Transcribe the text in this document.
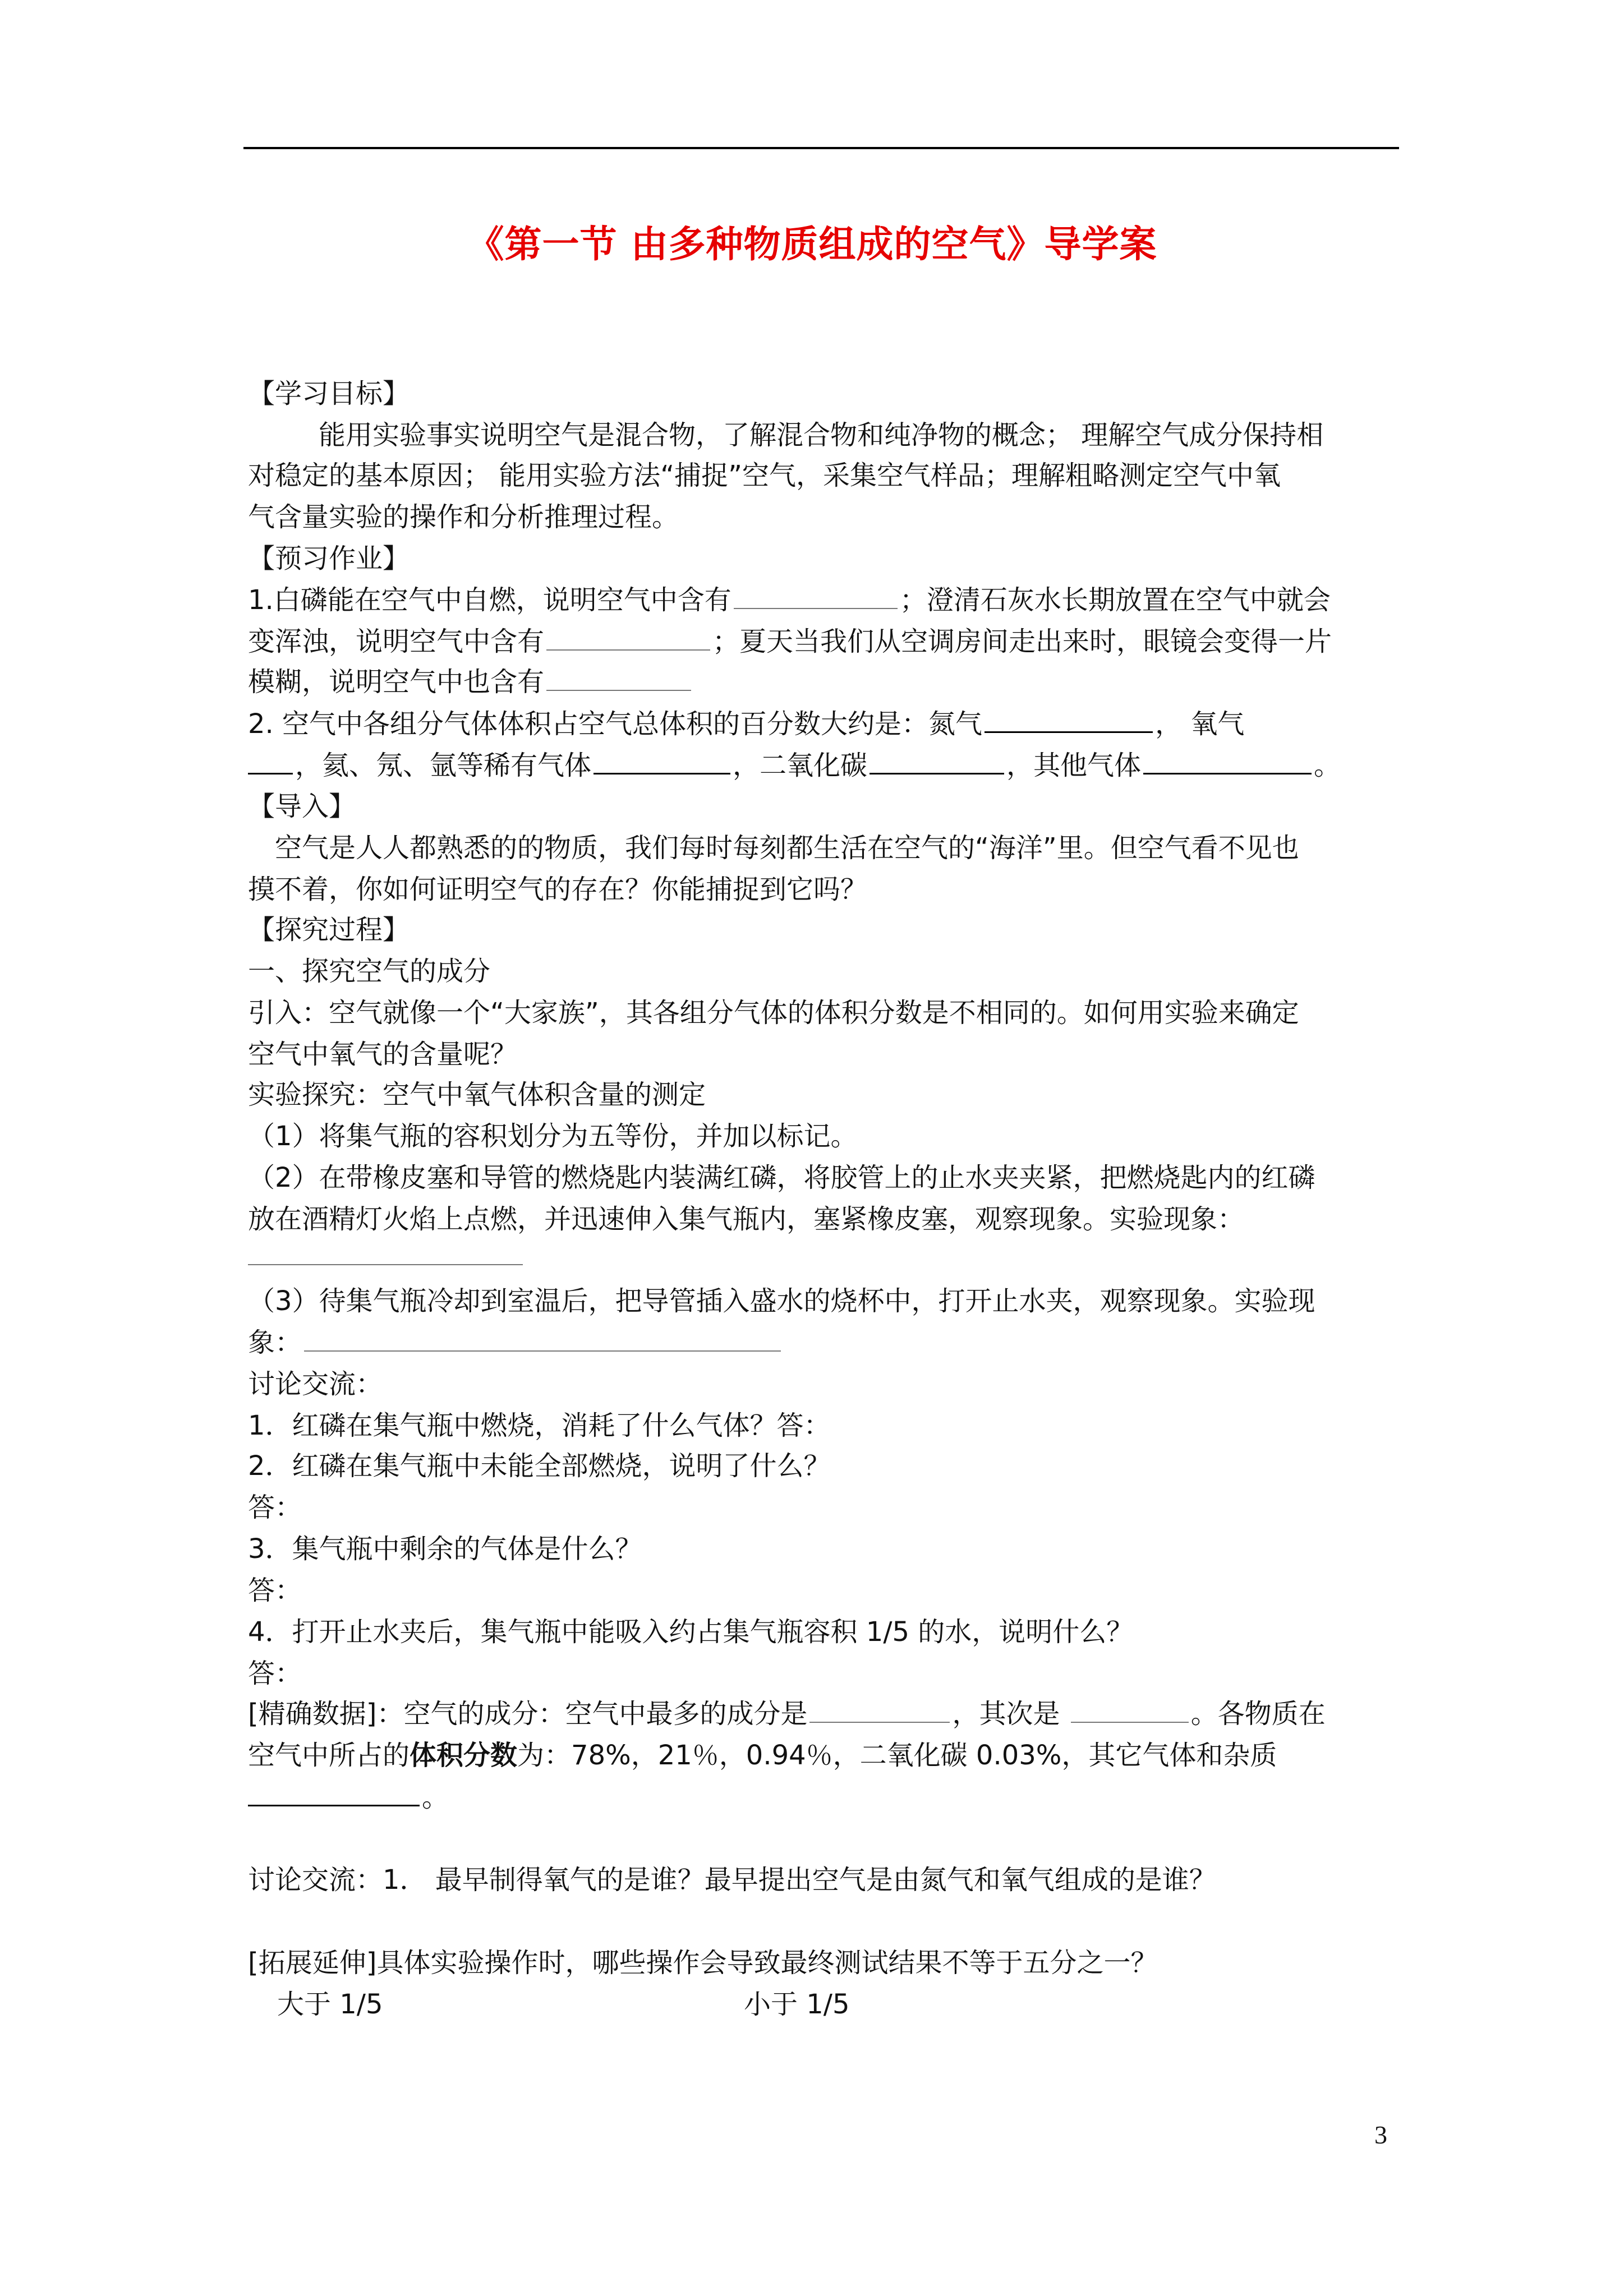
《第一节 由多种物质组成的空气》导学案
【学习目标】
能用实验事实说明空气是混合物，了解混合物和纯净物的概念； 理解空气成分保持相
对稳定的基本原因； 能用实验方法“捕捉”空气，采集空气样品；理解粗略测定空气中氧
气含量实验的操作和分析推理过程。
【预习作业】
1.白磷能在空气中自燃，说明空气中含有	；澄清石灰水长期放置在空气中就会
变浑浊，说明空气中含有	；夏天当我们从空调房间走出来时，眼镜会变得一片
模糊，说明空气中也含有
2. 空气中各组分气体体积占空气总体积的百分数大约是：氮气	， 氧气
，氦、氖、氩等稀有气体	，二氧化碳	，其他气体	。
【导入】
空气是人人都熟悉的的物质，我们每时每刻都生活在空气的“海洋”里。但空气看不见也
摸不着，你如何证明空气的存在？你能捕捉到它吗？
【探究过程】
一、探究空气的成分
引入：空气就像一个“大家族”，其各组分气体的体积分数是不相同的。如何用实验来确定
空气中氧气的含量呢？
实验探究：空气中氧气体积含量的测定
（1）将集气瓶的容积划分为五等份，并加以标记。
（2）在带橡皮塞和导管的燃烧匙内装满红磷，将胶管上的止水夹夹紧，把燃烧匙内的红磷
放在酒精灯火焰上点燃，并迅速伸入集气瓶内，塞紧橡皮塞，观察现象。实验现象：
（3）待集气瓶冷却到室温后，把导管插入盛水的烧杯中，打开止水夹，观察现象。实验现
象：
讨论交流：
1．红磷在集气瓶中燃烧，消耗了什么气体？答：
2．红磷在集气瓶中未能全部燃烧，说明了什么？
答：
3．集气瓶中剩余的气体是什么？
答：
4．打开止水夹后，集气瓶中能吸入约占集气瓶容积 1/5 的水，说明什么？
答：
[精确数据]：空气的成分：空气中最多的成分是	，其次是	。各物质在
空气中所占的体积分数为：78%，21％，0.94％，二氧化碳 0.03%，其它气体和杂质
。
讨论交流：1． 最早制得氧气的是谁？最早提出空气是由氮气和氧气组成的是谁？
[拓展延伸]具体实验操作时，哪些操作会导致最终测试结果不等于五分之一？
大于 1/5	小于 1/5
3
